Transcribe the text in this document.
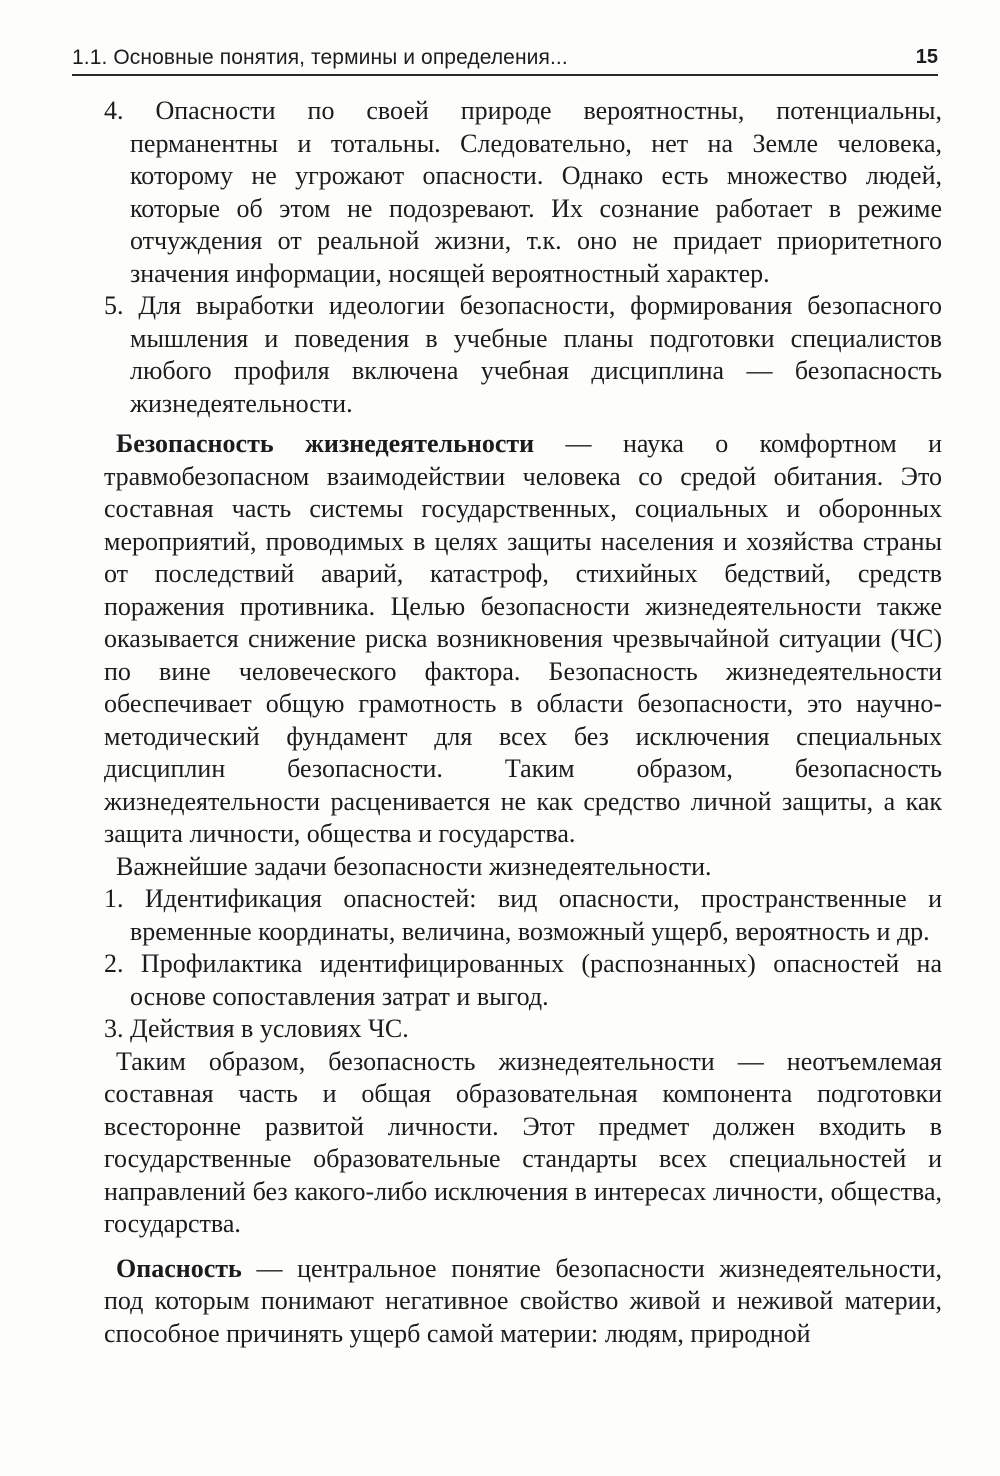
1.1. Основные понятия, термины и определения...	15

4. Опасности по своей природе вероятностны, потенциальны, перманентны и тотальны. Следовательно, нет на Земле человека, которому не угрожают опасности. Однако есть множество людей, которые об этом не подозревают. Их сознание работает в режиме отчуждения от реальной жизни, т.к. оно не придает приоритетного значения информации, носящей вероятностный характер.

5. Для выработки идеологии безопасности, формирования безопасного мышления и поведения в учебные планы подготовки специалистов любого профиля включена учебная дисциплина — безопасность жизнедеятельности.

Безопасность жизнедеятельности — наука о комфортном и травмобезопасном взаимодействии человека со средой обитания. Это составная часть системы государственных, социальных и оборонных мероприятий, проводимых в целях защиты населения и хозяйства страны от последствий аварий, катастроф, стихийных бедствий, средств поражения противника. Целью безопасности жизнедеятельности также оказывается снижение риска возникновения чрезвычайной ситуации (ЧС) по вине человеческого фактора. Безопасность жизнедеятельности обеспечивает общую грамотность в области безопасности, это научно-методический фундамент для всех без исключения специальных дисциплин безопасности. Таким образом, безопасность жизнедеятельности расценивается не как средство личной защиты, а как защита личности, общества и государства.

Важнейшие задачи безопасности жизнедеятельности.

1. Идентификация опасностей: вид опасности, пространственные и временные координаты, величина, возможный ущерб, вероятность и др.

2. Профилактика идентифицированных (распознанных) опасностей на основе сопоставления затрат и выгод.

3. Действия в условиях ЧС.

Таким образом, безопасность жизнедеятельности — неотъемлемая составная часть и общая образовательная компонента подготовки всесторонне развитой личности. Этот предмет должен входить в государственные образовательные стандарты всех специальностей и направлений без какого-либо исключения в интересах личности, общества, государства.

Опасность — центральное понятие безопасности жизнедеятельности, под которым понимают негативное свойство живой и неживой материи, способное причинять ущерб самой материи: людям, природной
